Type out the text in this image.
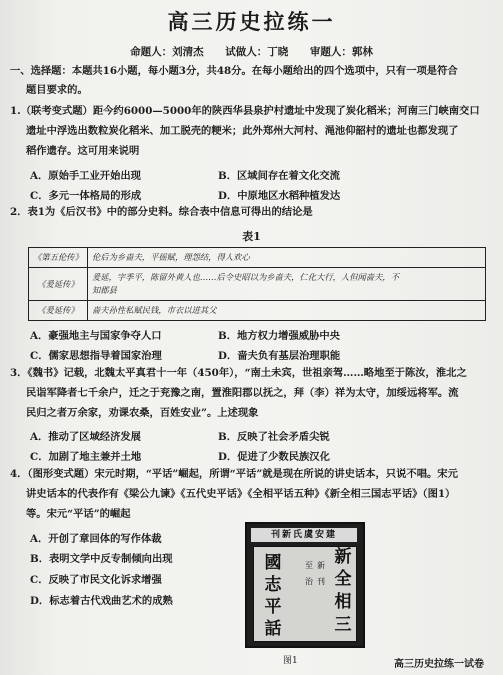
高三历史拉练一
命题人：刘清杰 试做人：丁晓 审题人：郭林
一、选择题：本题共16小题，每小题3分，共48分。在每小题给出的四个选项中，只有一项是符合
题目要求的。
1.（联考变式题）距今约6000—5000年的陕西华县泉护村遗址中发现了炭化稻米；河南三门峡南交口
遗址中浮选出数粒炭化稻米、加工脱壳的粳米；此外郑州大河村、渑池仰韶村的遗址也都发现了
稻作遗存。这可用来说明
A．原始手工业开始出现	B．区域间存在着文化交流
C．多元一体格局的形成	D．中原地区水稻种植发达
2．表1为《后汉书》中的部分史料。综合表中信息可得出的结论是
表1
《第五伦传》	伦后为乡啬夫，平徭赋，理怨结，得人欢心
《爰延传》	爰延，字季平，陈留外黄人也……后令史昭以为乡啬夫，仁化大行，人但闻啬夫，不
知郡县
《爰延传》	啬夫孙性私赋民钱，市衣以进其父
A．豪强地主与国家争夺人口	B．地方权力增强威胁中央
C．儒家思想指导着国家治理	D．啬夫负有基层治理职能
3．《魏书》记载，北魏太平真君十一年（450年），“南土未宾，世祖亲驾……略地至于陈汝，淮北之
民诣军降者七千余户，迁之于兖豫之南，置淮阳郡以抚之，拜（李）祥为太守，加绥远将军。流
民归之者万余家，劝课农桑，百姓安业”。上述现象
A．推动了区域经济发展	B．反映了社会矛盾尖锐
C．加剧了地主兼并土地	D．促进了少数民族汉化
4．（图形变式题）宋元时期，“平话”崛起，所谓“平话”就是现在所说的讲史话本，只说不唱。宋元
讲史话本的代表作有《梁公九谏》《五代史平话》《全相平话五种》《新全相三国志平话》（图1）
等。宋元“平话”的崛起
A．开创了章回体的写作体裁
B．表明文学中反专制倾向出现
C．反映了市民文化诉求增强
D．标志着古代戏曲艺术的成熟
刊新氏虞安建
新
全
相
三
至
治
新
刊
國
志
平
話
图1	高三历史拉练一试卷
